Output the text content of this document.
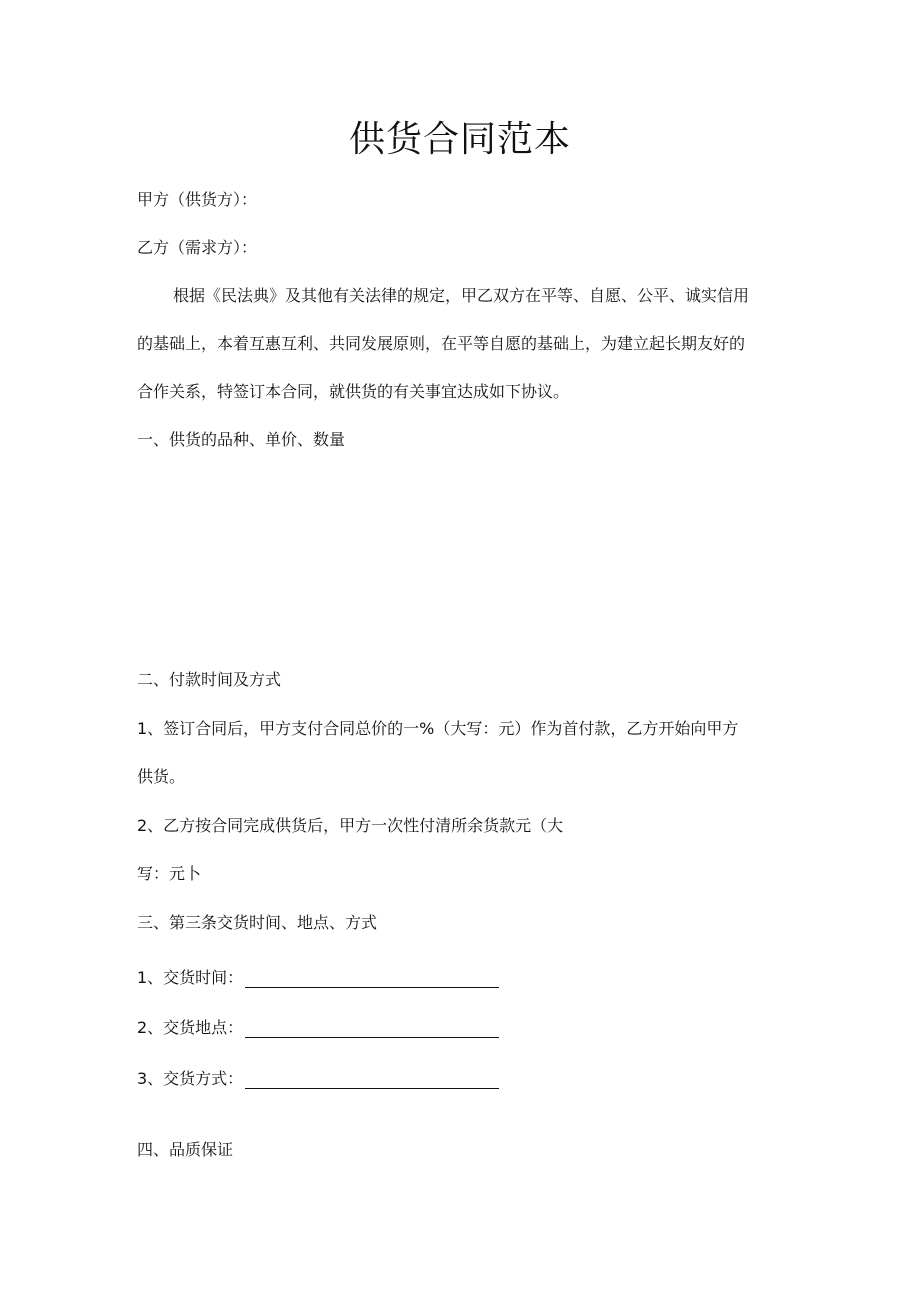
供货合同范本
甲方（供货方）：
乙方（需求方）：
根据《民法典》及其他有关法律的规定，甲乙双方在平等、自愿、公平、诚实信用
的基础上，本着互惠互利、共同发展原则，在平等自愿的基础上，为建立起长期友好的
合作关系，特签订本合同，就供货的有关事宜达成如下协议。
一、供货的品种、单价、数量
二、付款时间及方式
1、签订合同后，甲方支付合同总价的一%（大写：元）作为首付款，乙方开始向甲方
供货。
2、乙方按合同完成供货后，甲方一次性付清所余货款元（大
写：元卜
三、第三条交货时间、地点、方式
1、交货时间：
2、交货地点：
3、交货方式：
四、品质保证
